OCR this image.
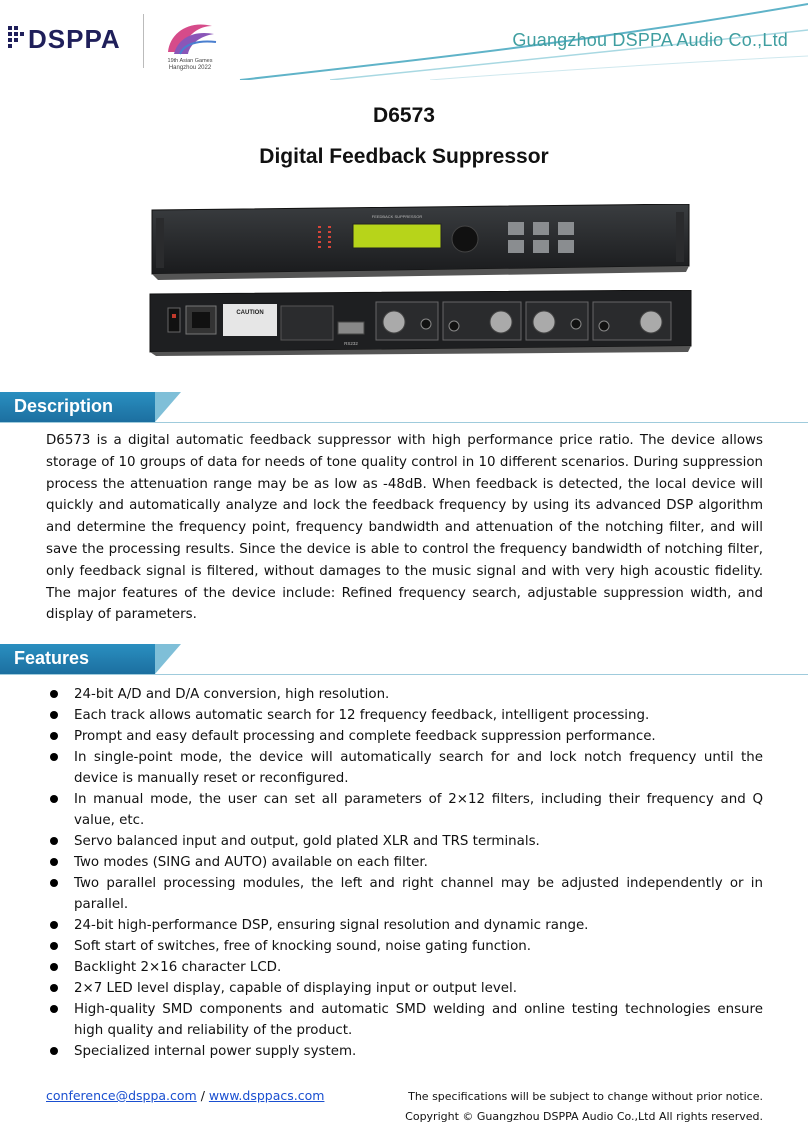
DSPPA
19th Asian Games
Hangzhou 2022
Guangzhou DSPPA Audio Co.,Ltd
D6573
Digital Feedback Suppressor
FEEDBACK SUPPRESSOR
CAUTION
RS232
Description

D6573 is a digital automatic feedback suppressor with high performance price ratio. The device allows storage of 10 groups of data for needs of tone quality control in 10 different scenarios. During suppression process the attenuation range may be as low as -48dB. When feedback is detected, the local device will quickly and automatically analyze and lock the feedback frequency by using its advanced DSP algorithm and determine the frequency point, frequency bandwidth and attenuation of the notching filter, and will save the processing results. Since the device is able to control the frequency bandwidth of notching filter, only feedback signal is filtered, without damages to the music signal and with very high acoustic fidelity. The major features of the device include: Refined frequency search, adjustable suppression width, and display of parameters.

Features
24-bit A/D and D/A conversion, high resolution.
Each track allows automatic search for 12 frequency feedback, intelligent processing.
Prompt and easy default processing and complete feedback suppression performance.
In single-point mode, the device will automatically search for and lock notch frequency until the device is manually reset or reconfigured.
In manual mode, the user can set all parameters of 2×12 filters, including their frequency and Q value, etc.
Servo balanced input and output, gold plated XLR and TRS terminals.
Two modes (SING and AUTO) available on each filter.
Two parallel processing modules, the left and right channel may be adjusted independently or in parallel.
24-bit high-performance DSP, ensuring signal resolution and dynamic range.
Soft start of switches, free of knocking sound, noise gating function.
Backlight 2×16 character LCD.
2×7 LED level display, capable of displaying input or output level.
High-quality SMD components and automatic SMD welding and online testing technologies ensure high quality and reliability of the product.
Specialized internal power supply system.
conference@dsppa.com / www.dsppacs.com	The specifications will be subject to change without prior notice.
Copyright © Guangzhou DSPPA Audio Co.,Ltd All rights reserved.
